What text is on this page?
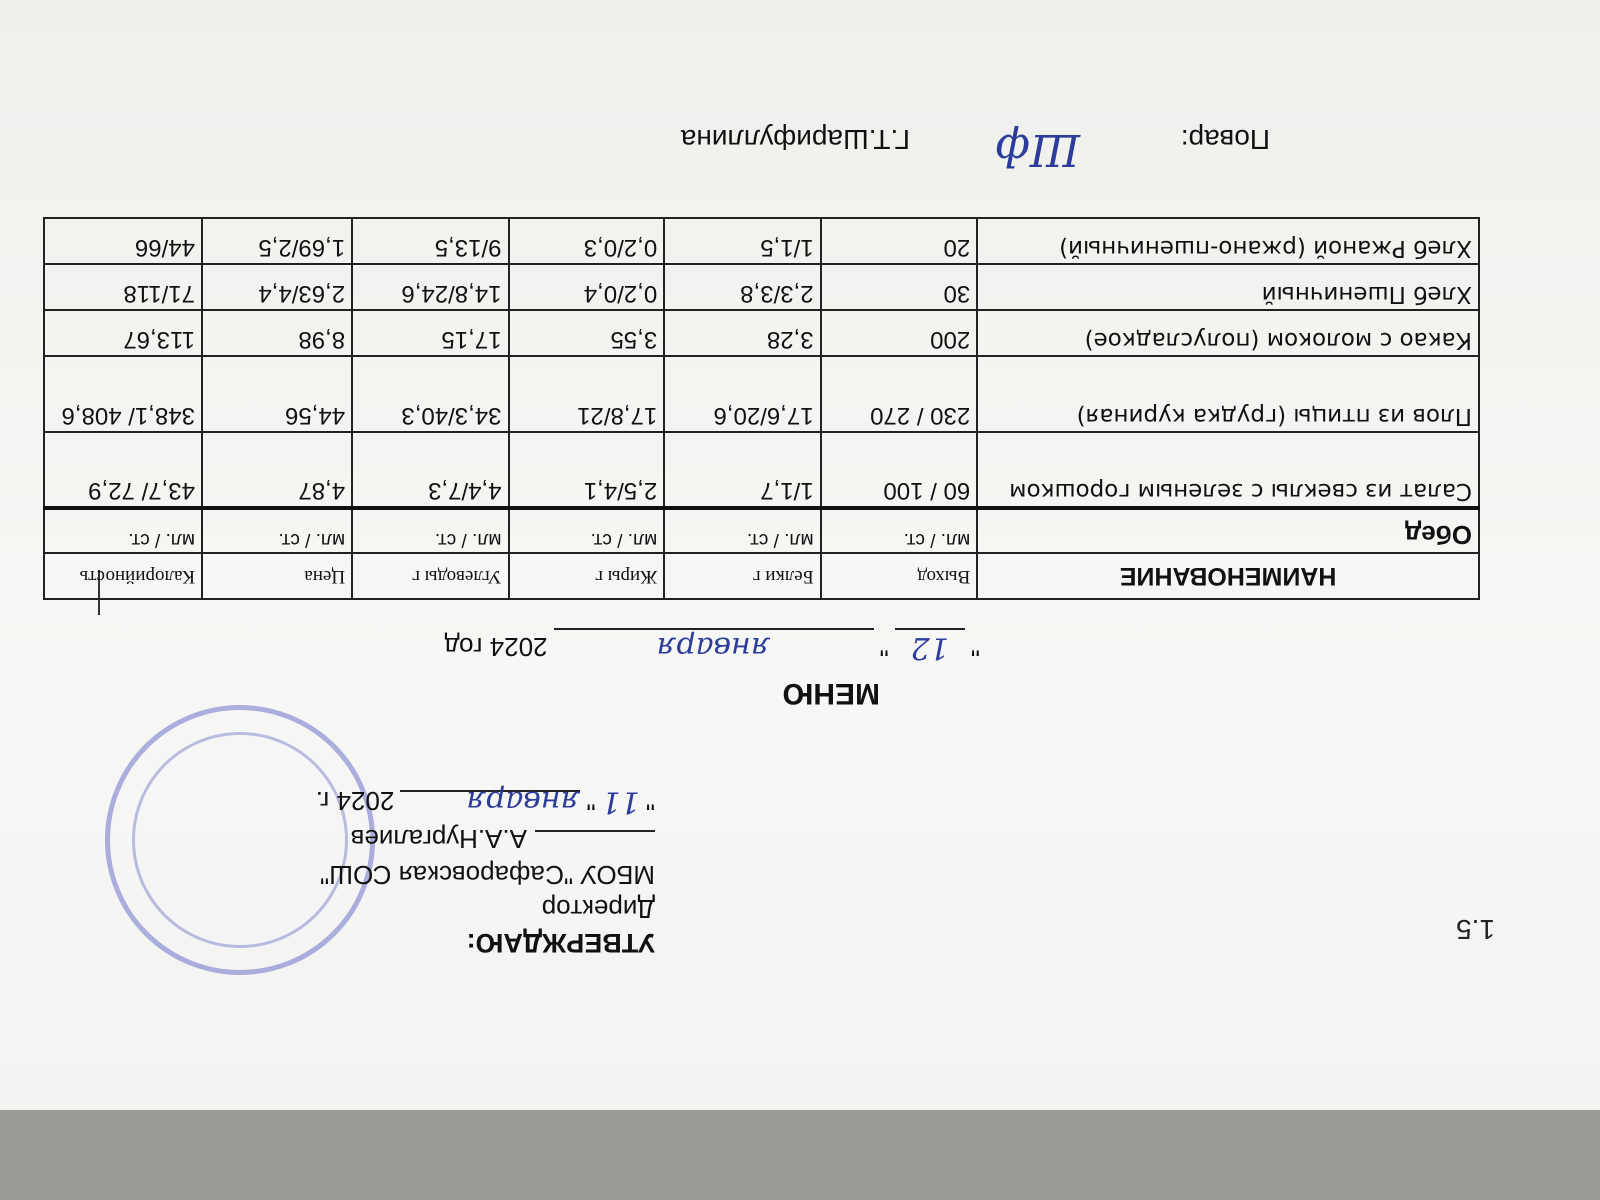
1.5
УТВЕРЖДАЮ:
Директор
МБОУ "Сафаровская СОШ"
А.А.Нургалиев
"
11
"
января
2024 г.
МЕНЮ
"
12
"
января
2024 год
НАИМЕНОВАНИЕ	Выход	Белки г	Жиры г	Углеводы г	Цена	Калорийность
Обед	мл. / ст.	мл. / ст.	мл. / ст.	мл. / ст.	мл. / ст.	мл. / ст.
Салат из свеклы с зеленым горошком	60 / 100	1/1,7	2,5/4,1	4,4/7,3	4,87	43,7/ 72,9
Плов из птицы (грудка куриная)	230 / 270	17,6/20,6	17,8/21	34,3/40,3	44,56	348,1/ 408,6
Какао с молоком (полусладкое)	200	3,28	3,55	17,15	8,98	113,67
Хлеб Пшеничный	30	2,3/3,8	0,2/0,4	14,8/24,6	2,63/4,4	71/118
Хлеб Ржаной (ржано-пшеничный)	20	1/1,5	0,2/0,3	9/13,5	1,69/2,5	44/66
Повар:
Шф
Г.Т.Шарифуллина
